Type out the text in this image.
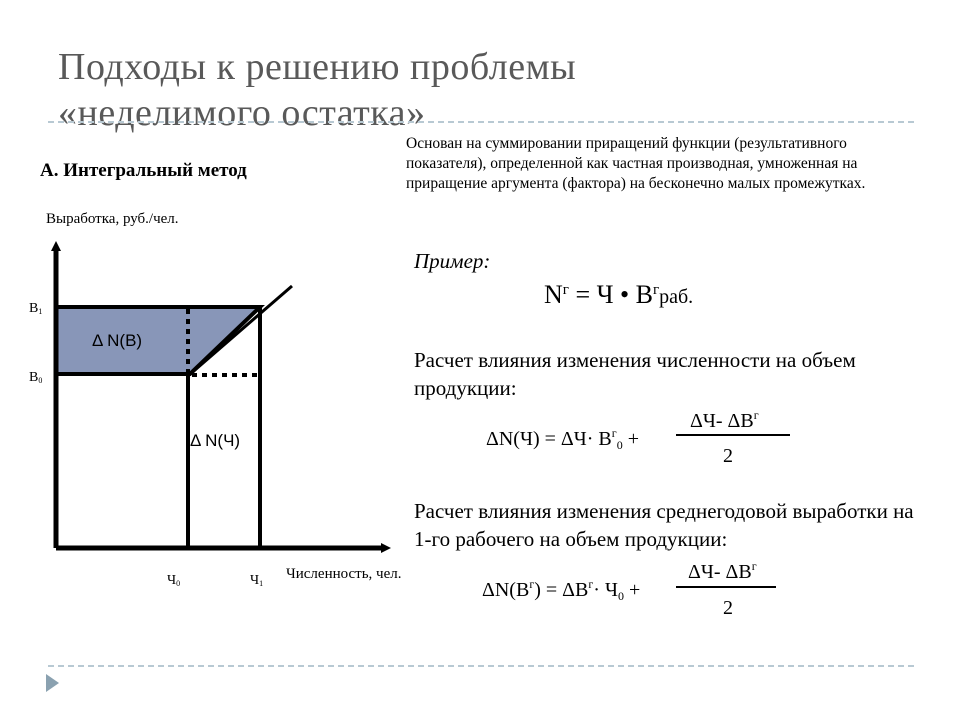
Подходы к решению проблемы
«неделимого остатка»
А. Интегральный метод
Основан на суммировании приращений функции (результативного показателя), определенной как частная производная, умноженная на приращение аргумента (фактора) на бесконечно малых промежутках.
Выработка, руб./чел.
Численность, чел.
$В_1$
$В_0$
$Ч_0$	$Ч_1$
Δ N(В)
Δ N(Ч)
Пример:
$N^г = Ч$ • $В^граб$.
Расчет влияния изменения численности на объем продукции:
$\Delta N(Ч) = \Delta Ч\cdot В^г_0$ +
ΔЧ- $\Delta В^г$
2
Расчет влияния изменения среднегодовой выработки на 1-го рабочего на объем продукции:
$\Delta N(В^г) = \Delta В^г\cdot Ч_0$ +
ΔЧ- $\Delta В^г$
2
